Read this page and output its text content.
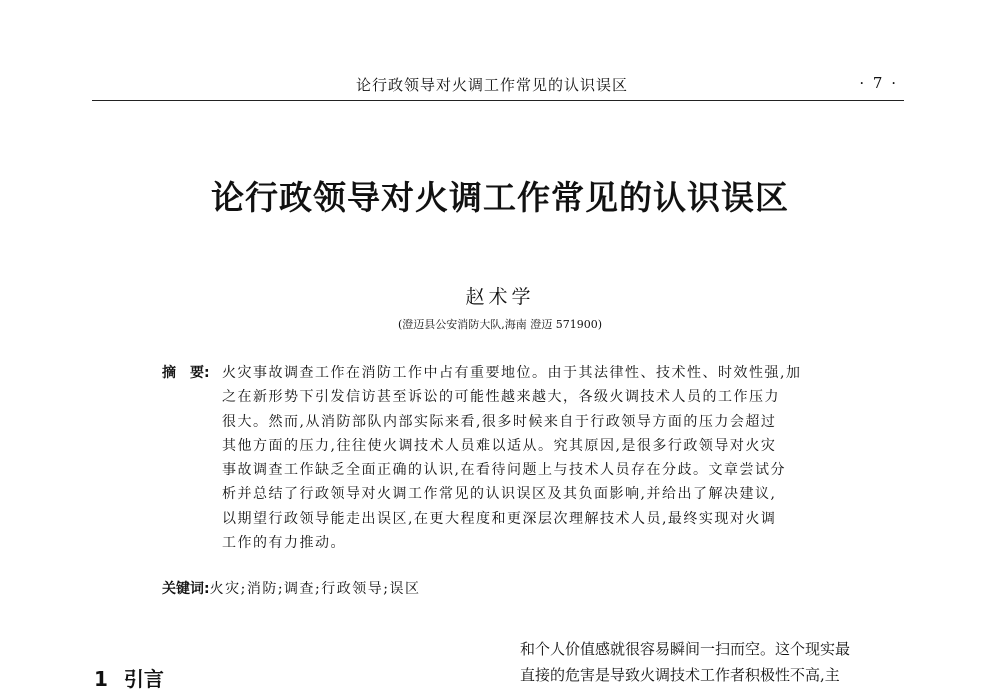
论行政领导对火调工作常见的认识误区	· 7 ·
论行政领导对火调工作常见的认识误区
赵术学
(澄迈县公安消防大队,海南 澄迈 571900)
摘　要: 火灾事故调查工作在消防工作中占有重要地位。由于其法律性、技术性、时效性强,加
之在新形势下引发信访甚至诉讼的可能性越来越大，各级火调技术人员的工作压力
很大。然而,从消防部队内部实际来看,很多时候来自于行政领导方面的压力会超过
其他方面的压力,往往使火调技术人员难以适从。究其原因,是很多行政领导对火灾
事故调查工作缺乏全面正确的认识,在看待问题上与技术人员存在分歧。文章尝试分
析并总结了行政领导对火调工作常见的认识误区及其负面影响,并给出了解决建议,
以期望行政领导能走出误区,在更大程度和更深层次理解技术人员,最终实现对火调
工作的有力推动。
关键词:火灾;消防;调查;行政领导;误区
1 引言
和个人价值感就很容易瞬间一扫而空。这个现实最
直接的危害是导致火调技术工作者积极性不高,主
